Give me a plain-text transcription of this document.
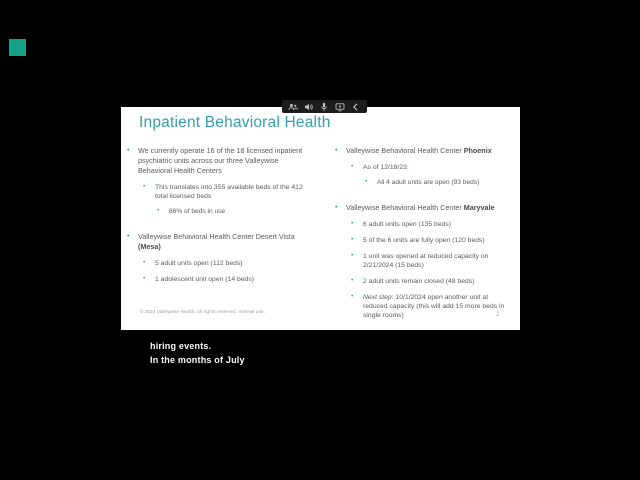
Inpatient Behavioral Health
• We currently operate 16 of the 18 licensed inpatient psychiatric units across our three Valleywise Behavioral Health Centers
• This translates into 355 available beds of the 412 total licensed beds
• 86% of beds in use
• Valleywise Behavioral Health Center Desert Vista (Mesa)
• 5 adult units open (112 beds)
• 1 adolescent unit open (14 beds)
• Valleywise Behavioral Health Center Phoenix
• As of 12/18/23:
• All 4 adult units are open (93 beds)
• Valleywise Behavioral Health Center Maryvale
• 6 adult units open (135 beds)
• 5 of the 6 units are fully open (120 beds)
• 1 unit was opened at reduced capacity on 2/21/2024 (15 beds)
• 2 adult units remain closed (48 beds)
• Next step: 10/1/2024 open another unit at reduced capacity (this will add 15 more beds in single rooms)
© 2024 Valleywise Health. All rights reserved. Internal use.
2
hiring events.
In the months of July
